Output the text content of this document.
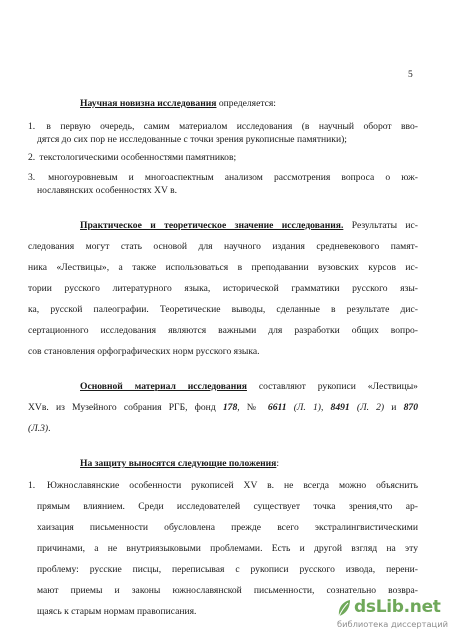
5
Научная новизна исследования определяется:
1. в первую очередь, самим материалом исследования (в научный оборот вво-
дятся до сих пор не исследованные с точки зрения рукописные памятники);
2. текстологическими особенностями памятников;
3. многоуровневым и многоаспектным анализом рассмотрения вопроса о юж-
нославянских особенностях XV в.
Практическое и теоретическое значение исследования. Результаты ис-
следования могут стать основой для научного издания средневекового памят-
ника «Лествицы», а также использоваться в преподавании вузовских курсов ис-
тории русского литературного языка, исторической грамматики русского язы-
ка, русской палеографии. Теоретические выводы, сделанные в результате дис-
сертационного исследования являются важными для разработки общих вопро-
сов становления орфографических норм русского языка.
Основной материал исследования составляют рукописи «Лествицы»
XVв. из Музейного собрания РГБ, фонд 178, № 6611 (Л. 1), 8491 (Л. 2) и 870
(Л.3).
На защиту выносятся следующие положения:
1. Южнославянские особенности рукописей XV в. не всегда можно объяснить
прямым влиянием. Среди исследователей существует точка зрения,что ар-
хаизация письменности обусловлена прежде всего экстралингвистическими
причинами, а не внутриязыковыми проблемами. Есть и другой взгляд на эту
проблему: русские писцы, переписывая с рукописи русского извода, перени-
мают приемы и законы южнославянской письменности, сознательно возвра-
щаясь к старым нормам правописания.	dsLib.net
библиотека диссертаций
